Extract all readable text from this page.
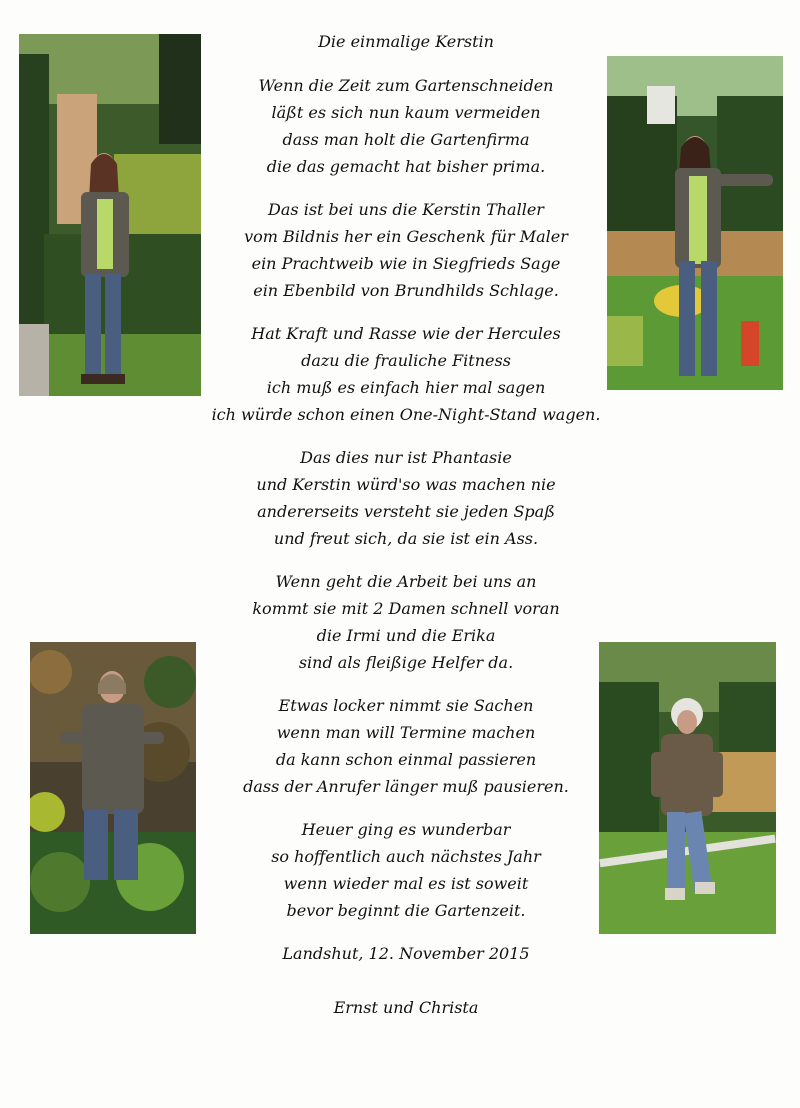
Die einmalige Kerstin
Wenn die Zeit zum Gartenschneiden
läßt es sich nun kaum vermeiden
dass man holt die Gartenfirma
die das gemacht hat bisher prima.
Das ist bei uns die Kerstin Thaller
vom Bildnis her ein Geschenk für Maler
ein Prachtweib wie in Siegfrieds Sage
ein Ebenbild von Brundhilds Schlage.
Hat Kraft und Rasse wie der Hercules
dazu die frauliche Fitness
ich muß es einfach hier mal sagen
ich würde schon einen One-Night-Stand wagen.
Das dies nur ist Phantasie
und Kerstin würd'so was machen nie
andererseits versteht sie jeden Spaß
und freut sich, da sie ist ein Ass.
Wenn geht die Arbeit bei uns an
kommt sie mit 2 Damen schnell voran
die Irmi und die Erika
sind als fleißige Helfer da.
Etwas locker nimmt sie Sachen
wenn man will Termine machen
da kann schon einmal passieren
dass der Anrufer länger muß pausieren.
Heuer ging es wunderbar
so hoffentlich auch nächstes Jahr
wenn wieder mal es ist soweit
bevor beginnt die Gartenzeit.
Landshut, 12. November 2015
Ernst und Christa
